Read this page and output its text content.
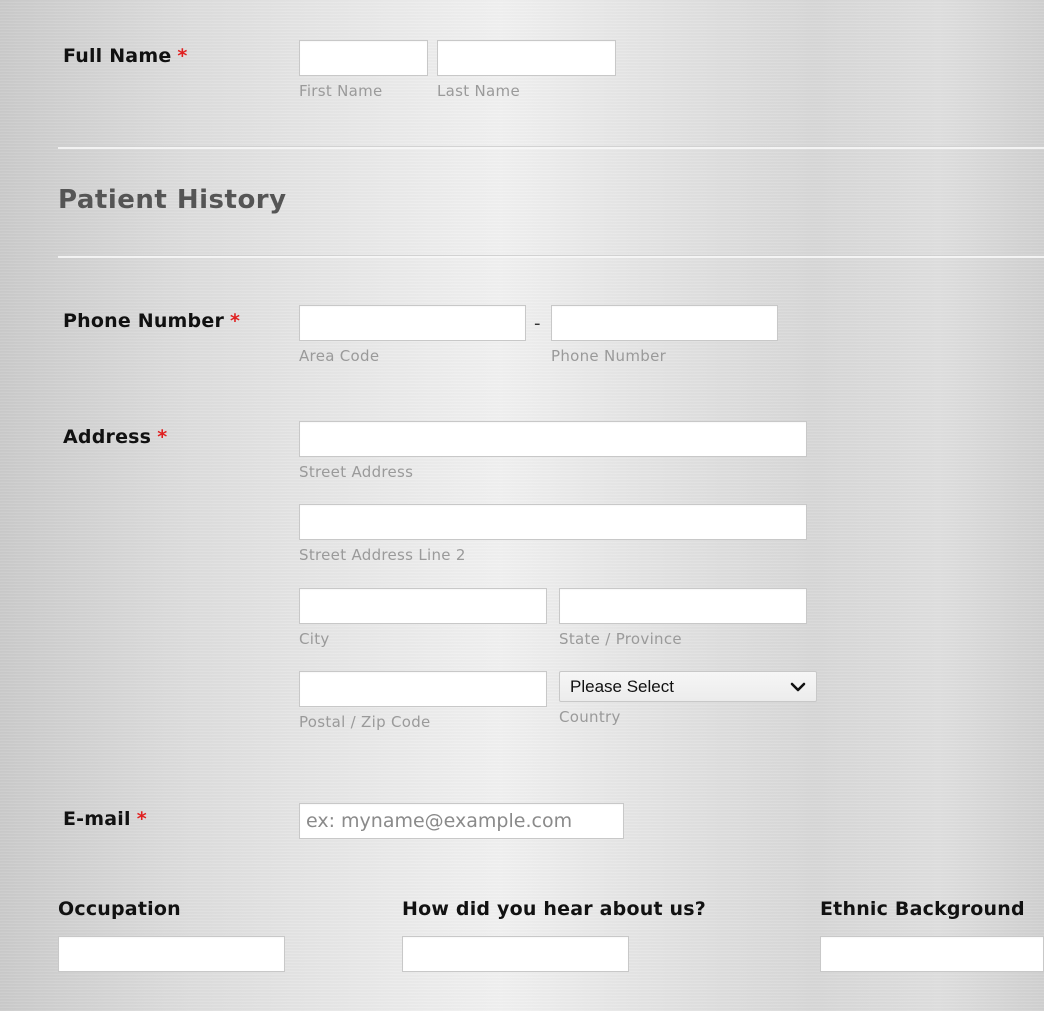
Full Name *
First Name	Last Name
Patient History
Phone Number *	-
Area Code	Phone Number
Address *
Street Address
Street Address Line 2
City	State / Province
Postal / Zip Code
Please Select
Country
E-mail *
ex: myname@example.com
Occupation	How did you hear about us?	Ethnic Background
